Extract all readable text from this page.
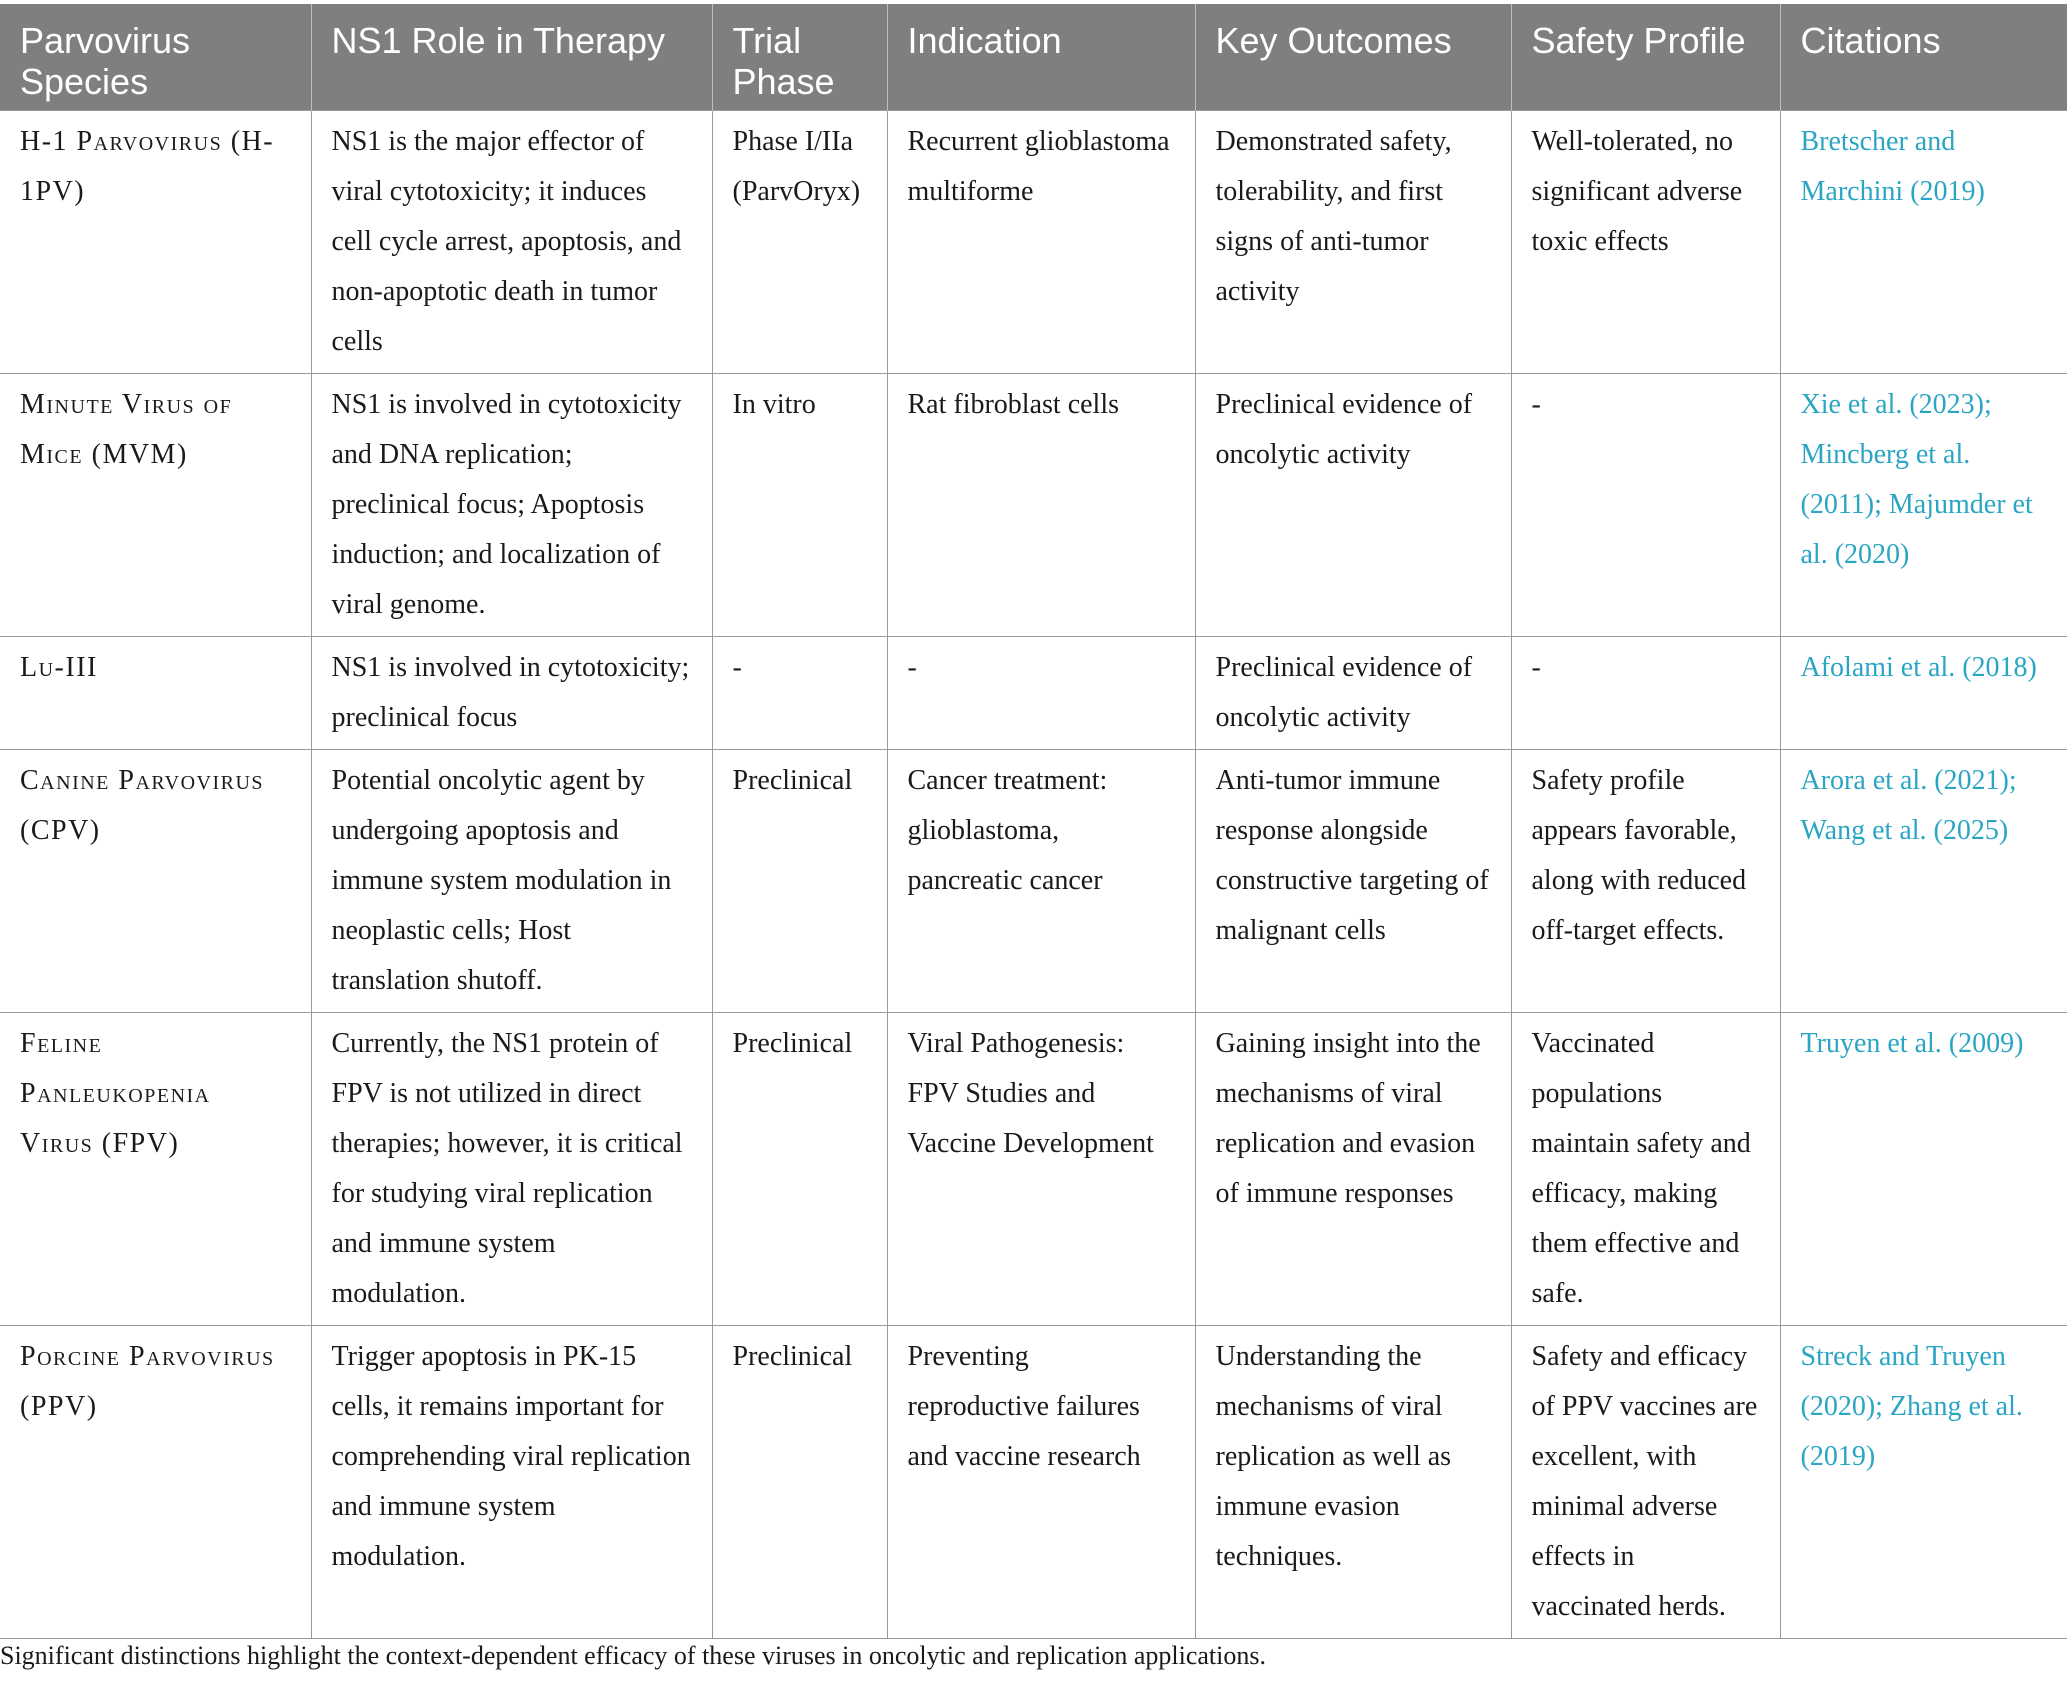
Parvovirus Species	NS1 Role in Therapy	Trial Phase	Indication	Key Outcomes	Safety Profile	Citations
H-1 Parvovirus (H-1PV)	NS1 is the major effector of viral cytotoxicity; it induces cell cycle arrest, apoptosis, and non-apoptotic death in tumor cells	Phase I/IIa (ParvOryx)	Recurrent glioblastoma multiforme	Demonstrated safety, tolerability, and first signs of anti-tumor activity	Well-tolerated, no significant adverse toxic effects	Bretscher and Marchini (2019)
Minute Virus of Mice (MVM)	NS1 is involved in cytotoxicity and DNA replication; preclinical focus; Apoptosis induction; and localization of viral genome.	In vitro	Rat fibroblast cells	Preclinical evidence of oncolytic activity	-	Xie et al. (2023); Mincberg et al. (2011); Majumder et al. (2020)
Lu-III	NS1 is involved in cytotoxicity; preclinical focus	-	-	Preclinical evidence of oncolytic activity	-	Afolami et al. (2018)
Canine Parvovirus (CPV)	Potential oncolytic agent by undergoing apoptosis and immune system modulation in neoplastic cells; Host translation shutoff.	Preclinical	Cancer treatment: glioblastoma, pancreatic cancer	Anti-tumor immune response alongside constructive targeting of malignant cells	Safety profile appears favorable, along with reduced off-target effects.	Arora et al. (2021); Wang et al. (2025)
Feline Panleukopenia Virus (FPV)	Currently, the NS1 protein of FPV is not utilized in direct therapies; however, it is critical for studying viral replication and immune system modulation.	Preclinical	Viral Pathogenesis: FPV Studies and Vaccine Development	Gaining insight into the mechanisms of viral replication and evasion of immune responses	Vaccinated populations maintain safety and efficacy, making them effective and safe.	Truyen et al. (2009)
Porcine Parvovirus (PPV)	Trigger apoptosis in PK-15 cells, it remains important for comprehending viral replication and immune system modulation.	Preclinical	Preventing reproductive failures and vaccine research	Understanding the mechanisms of viral replication as well as immune evasion techniques.	Safety and efficacy of PPV vaccines are excellent, with minimal adverse effects in vaccinated herds.	Streck and Truyen (2020); Zhang et al. (2019)
Significant distinctions highlight the context-dependent efficacy of these viruses in oncolytic and replication applications.
